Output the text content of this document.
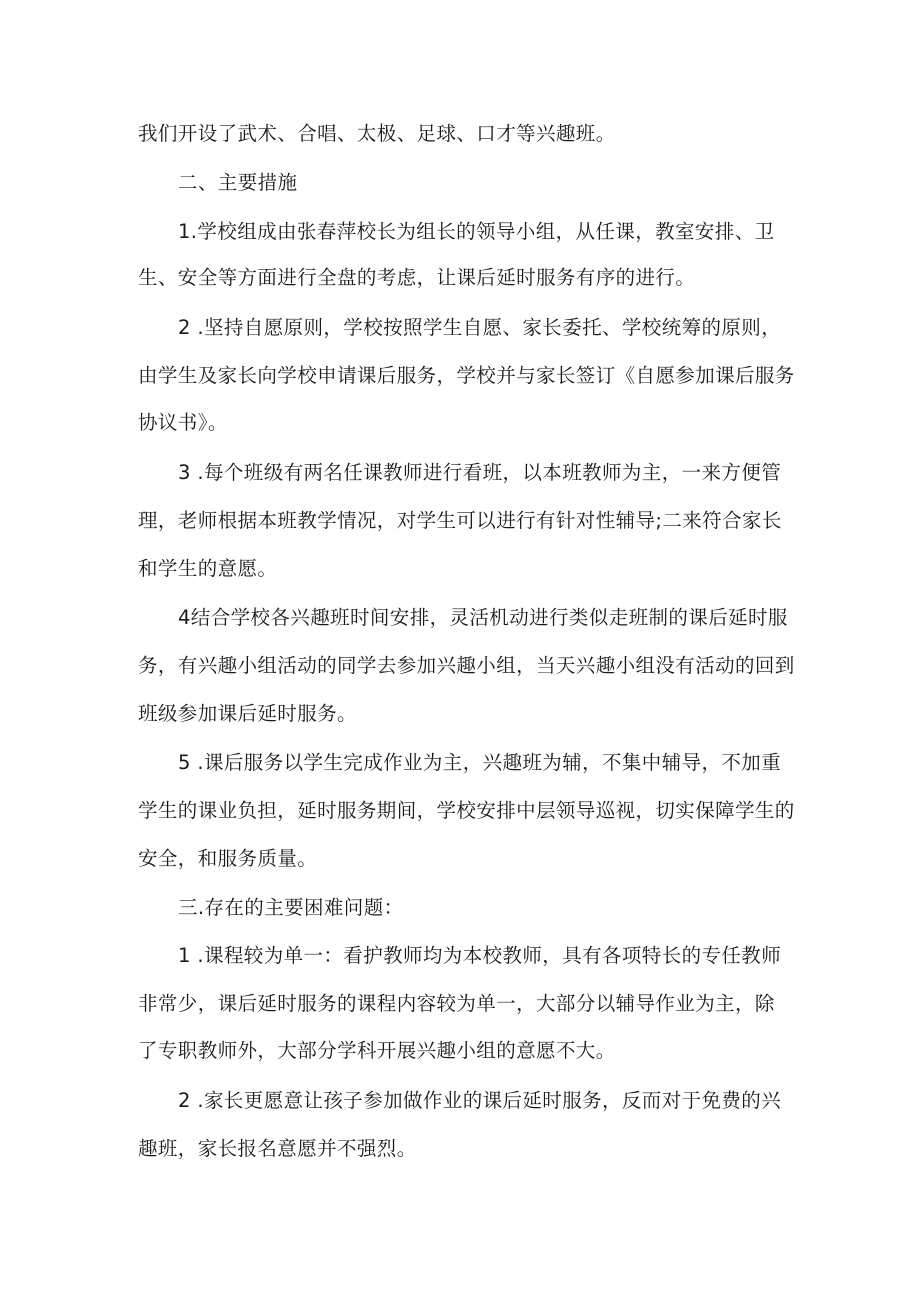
我们开设了武术、合唱、太极、足球、口才等兴趣班。
二、主要措施
1.学校组成由张春萍校长为组长的领导小组，从任课，教室安排、卫
生、安全等方面进行全盘的考虑，让课后延时服务有序的进行。
2 .坚持自愿原则，学校按照学生自愿、家长委托、学校统筹的原则，
由学生及家长向学校申请课后服务，学校并与家长签订《自愿参加课后服务
协议书》。
3 .每个班级有两名任课教师进行看班，以本班教师为主，一来方便管
理，老师根据本班教学情况，对学生可以进行有针对性辅导;二来符合家长
和学生的意愿。
4结合学校各兴趣班时间安排，灵活机动进行类似走班制的课后延时服
务，有兴趣小组活动的同学去参加兴趣小组，当天兴趣小组没有活动的回到
班级参加课后延时服务。
5 .课后服务以学生完成作业为主，兴趣班为辅，不集中辅导，不加重
学生的课业负担，延时服务期间，学校安排中层领导巡视，切实保障学生的
安全，和服务质量。
三.存在的主要困难问题：
1 .课程较为单一：看护教师均为本校教师，具有各项特长的专任教师
非常少，课后延时服务的课程内容较为单一，大部分以辅导作业为主，除
了专职教师外，大部分学科开展兴趣小组的意愿不大。
2 .家长更愿意让孩子参加做作业的课后延时服务，反而对于免费的兴
趣班，家长报名意愿并不强烈。
